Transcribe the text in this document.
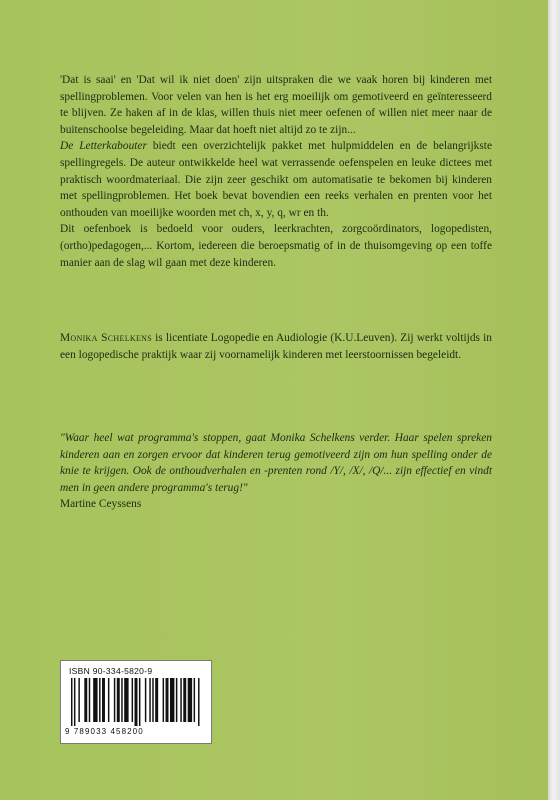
'Dat is saai' en 'Dat wil ik niet doen' zijn uitspraken die we vaak horen bij kinderen met spellingproblemen. Voor velen van hen is het erg moeilijk om gemotiveerd en geïnteresseerd te blijven. Ze haken af in de klas, willen thuis niet meer oefenen of willen niet meer naar de buitenschoolse begeleiding. Maar dat hoeft niet altijd zo te zijn...

De Letterkabouter biedt een overzichtelijk pakket met hulpmiddelen en de belangrijkste spellingregels. De auteur ontwikkelde heel wat verrassende oefenspelen en leuke dictees met praktisch woordmateriaal. Die zijn zeer geschikt om automatisatie te bekomen bij kinderen met spellingproblemen. Het boek bevat bovendien een reeks verhalen en prenten voor het onthouden van moeilijke woorden met ch, x, y, q, wr en th.

Dit oefenboek is bedoeld voor ouders, leerkrachten, zorgcoördinators, logopedisten, (ortho)pedagogen,... Kortom, iedereen die beroepsmatig of in de thuisomgeving op een toffe manier aan de slag wil gaan met deze kinderen.

Monika Schelkens is licentiate Logopedie en Audiologie (K.U.Leuven). Zij werkt voltijds in een logopedische praktijk waar zij voornamelijk kinderen met leerstoornissen begeleidt.

"Waar heel wat programma's stoppen, gaat Monika Schelkens verder. Haar spelen spreken kinderen aan en zorgen ervoor dat kinderen terug gemotiveerd zijn om hun spelling onder de knie te krijgen. Ook de onthoudverhalen en -prenten rond /Y/, /X/, /Q/... zijn effectief en vindt men in geen andere programma's terug!"

Martine Ceyssens

ISBN 90-334-5820-9
9 789033 458200
